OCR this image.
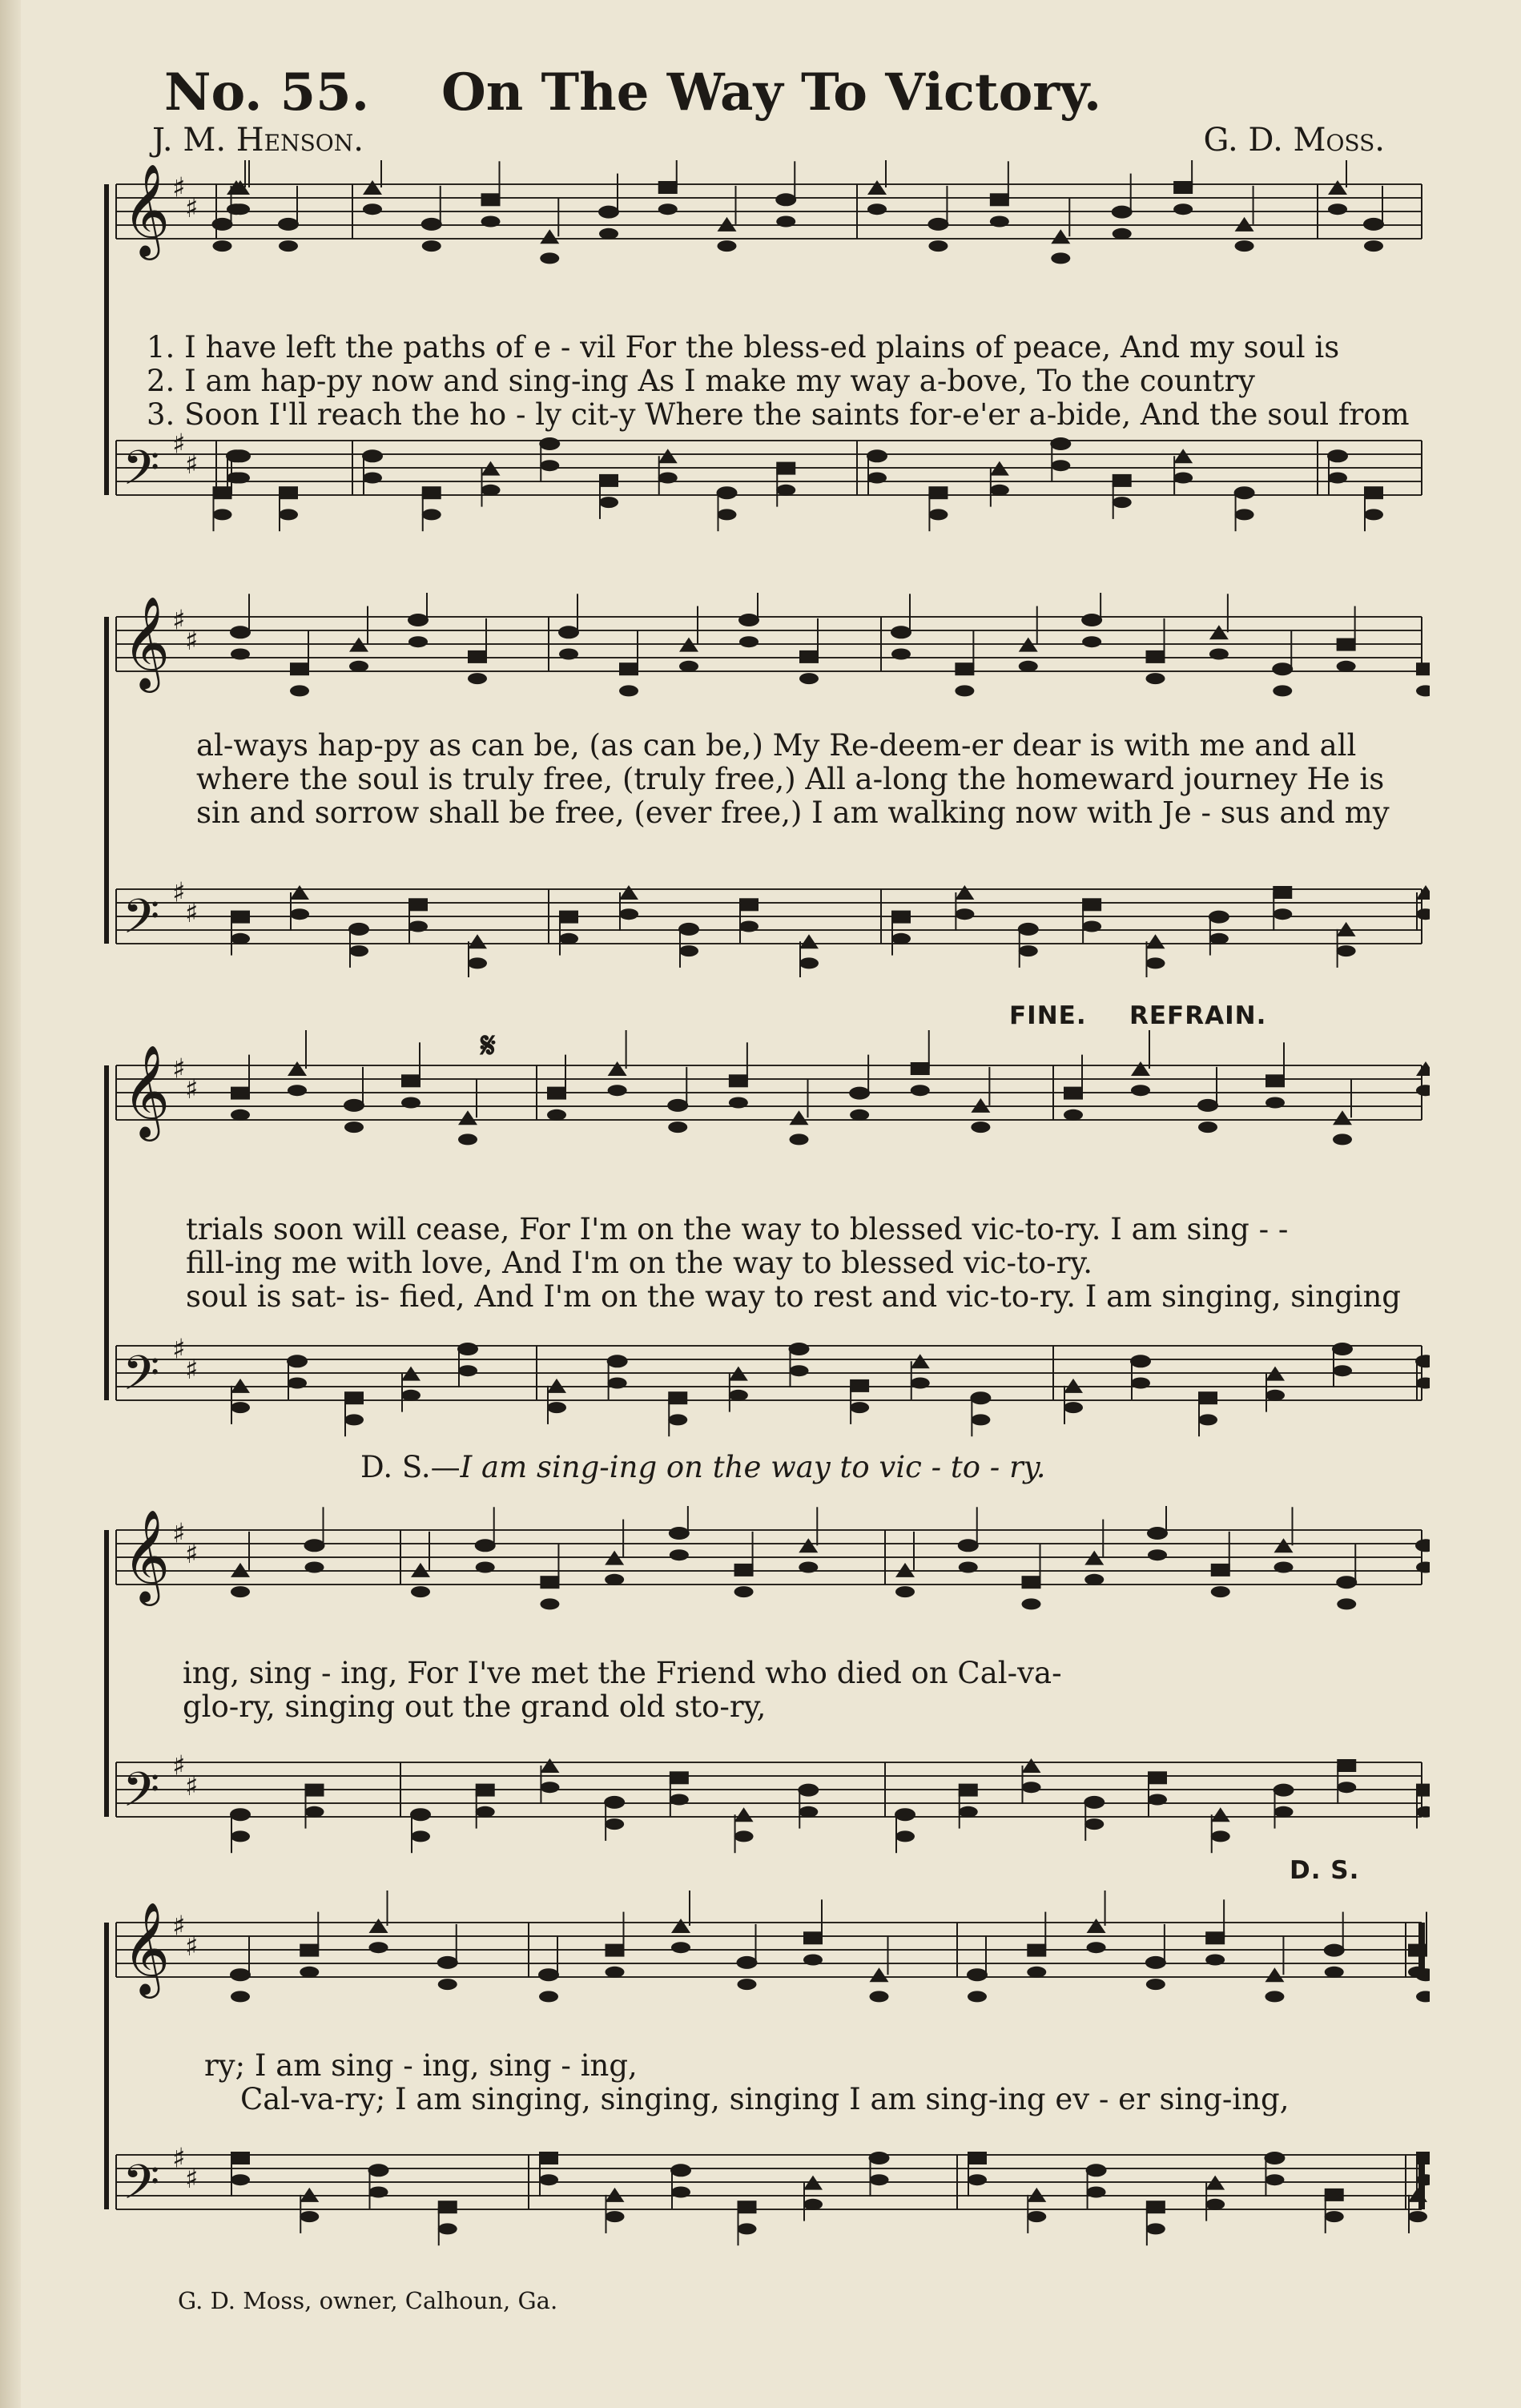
No. 55. On The Way To Victory.
J. M. Henson.	G. D. Moss.
𝄞 ♯
♯
𝄢 ♯
♯
1. I have left the paths of e - vil For the bless-ed plains of peace, And my soul is
2. I am hap-py now and sing-ing As I make my way a-bove, To the country
3. Soon I'll reach the ho - ly cit-y Where the saints for-e'er a-bide, And the soul from
𝄞 ♯
♯
𝄢 ♯
♯
al-ways hap-py as can be, (as can be,) My Re-deem-er dear is with me and all
where the soul is truly free, (truly free,) All a-long the homeward journey He is
sin and sorrow shall be free, (ever free,) I am walking now with Je - sus and my
FINE. REFRAIN.
𝄋
𝄞 ♯
♯
𝄢 ♯
♯
trials soon will cease, For I'm on the way to blessed vic-to-ry. I am sing - -
fill-ing me with love, And I'm on the way to blessed vic-to-ry.
soul is sat- is- fied, And I'm on the way to rest and vic-to-ry. I am singing, singing
D. S.—I am sing-ing on the way to vic - to - ry.
𝄞 ♯
♯
𝄢 ♯
♯
ing, sing - ing, For I've met the Friend who died on Cal-va-
glo-ry, singing out the grand old sto-ry,
D. S.
𝄞 ♯
♯
𝄢 ♯
♯
ry; I am sing - ing, sing - ing,
Cal-va-ry; I am singing, singing, singing I am sing-ing ev - er sing-ing,
G. D. Moss, owner, Calhoun, Ga.
